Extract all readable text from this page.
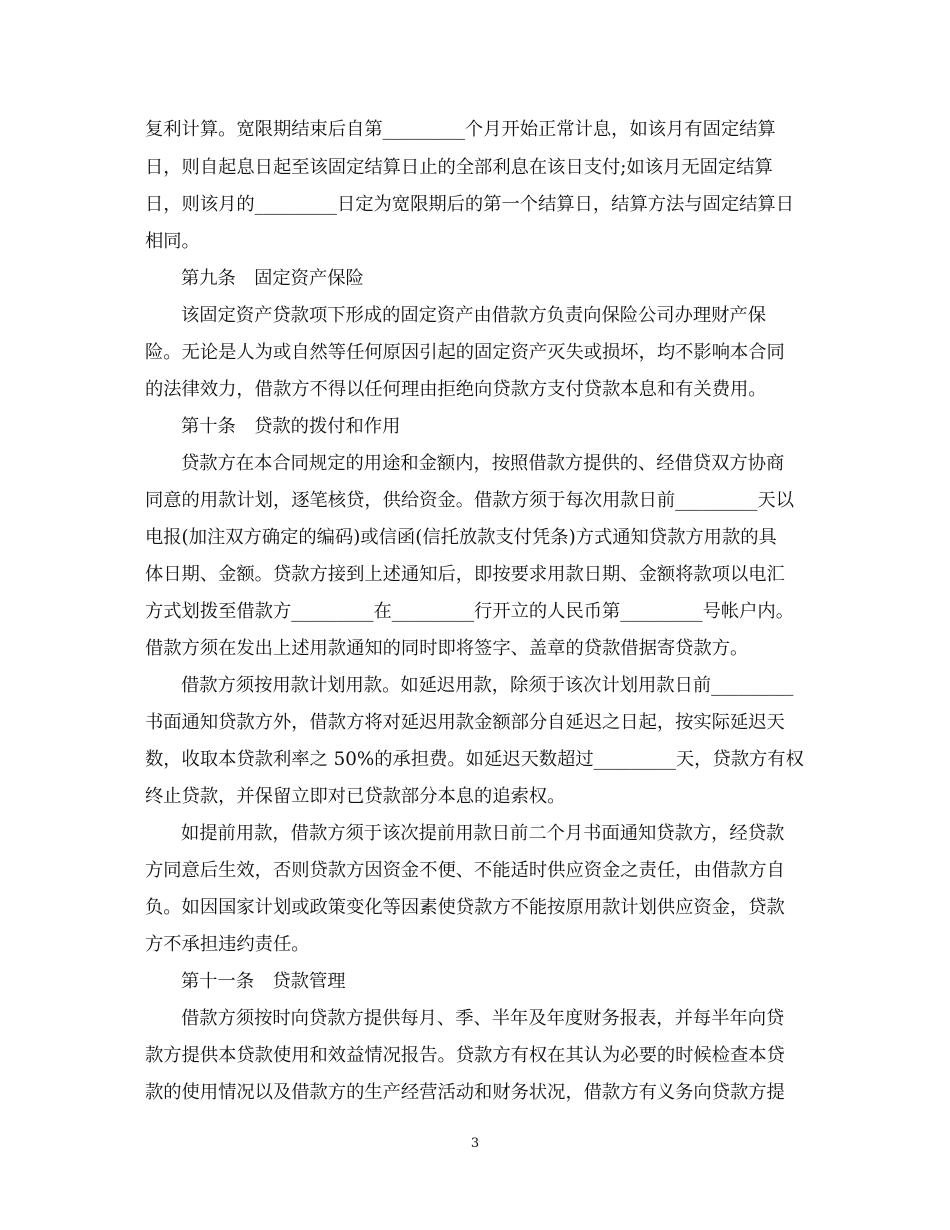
复利计算。宽限期结束后自第_________个月开始正常计息，如该月有固定结算
日，则自起息日起至该固定结算日止的全部利息在该日支付;如该月无固定结算
日，则该月的_________日定为宽限期后的第一个结算日，结算方法与固定结算日
相同。
第九条　固定资产保险
该固定资产贷款项下形成的固定资产由借款方负责向保险公司办理财产保
险。无论是人为或自然等任何原因引起的固定资产灭失或损坏，均不影响本合同
的法律效力，借款方不得以任何理由拒绝向贷款方支付贷款本息和有关费用。
第十条　贷款的拨付和作用
贷款方在本合同规定的用途和金额内，按照借款方提供的、经借贷双方协商
同意的用款计划，逐笔核贷，供给资金。借款方须于每次用款日前_________天以
电报(加注双方确定的编码)或信函(信托放款支付凭条)方式通知贷款方用款的具
体日期、金额。贷款方接到上述通知后，即按要求用款日期、金额将款项以电汇
方式划拨至借款方_________在_________行开立的人民币第_________号帐户内。
借款方须在发出上述用款通知的同时即将签字、盖章的贷款借据寄贷款方。
借款方须按用款计划用款。如延迟用款，除须于该次计划用款日前_________
书面通知贷款方外，借款方将对延迟用款金额部分自延迟之日起，按实际延迟天
数，收取本贷款利率之 50%的承担费。如延迟天数超过_________天，贷款方有权
终止贷款，并保留立即对已贷款部分本息的追索权。
如提前用款，借款方须于该次提前用款日前二个月书面通知贷款方，经贷款
方同意后生效，否则贷款方因资金不便、不能适时供应资金之责任，由借款方自
负。如因国家计划或政策变化等因素使贷款方不能按原用款计划供应资金，贷款
方不承担违约责任。
第十一条　贷款管理
借款方须按时向贷款方提供每月、季、半年及年度财务报表，并每半年向贷
款方提供本贷款使用和效益情况报告。贷款方有权在其认为必要的时候检查本贷
款的使用情况以及借款方的生产经营活动和财务状况，借款方有义务向贷款方提
3
